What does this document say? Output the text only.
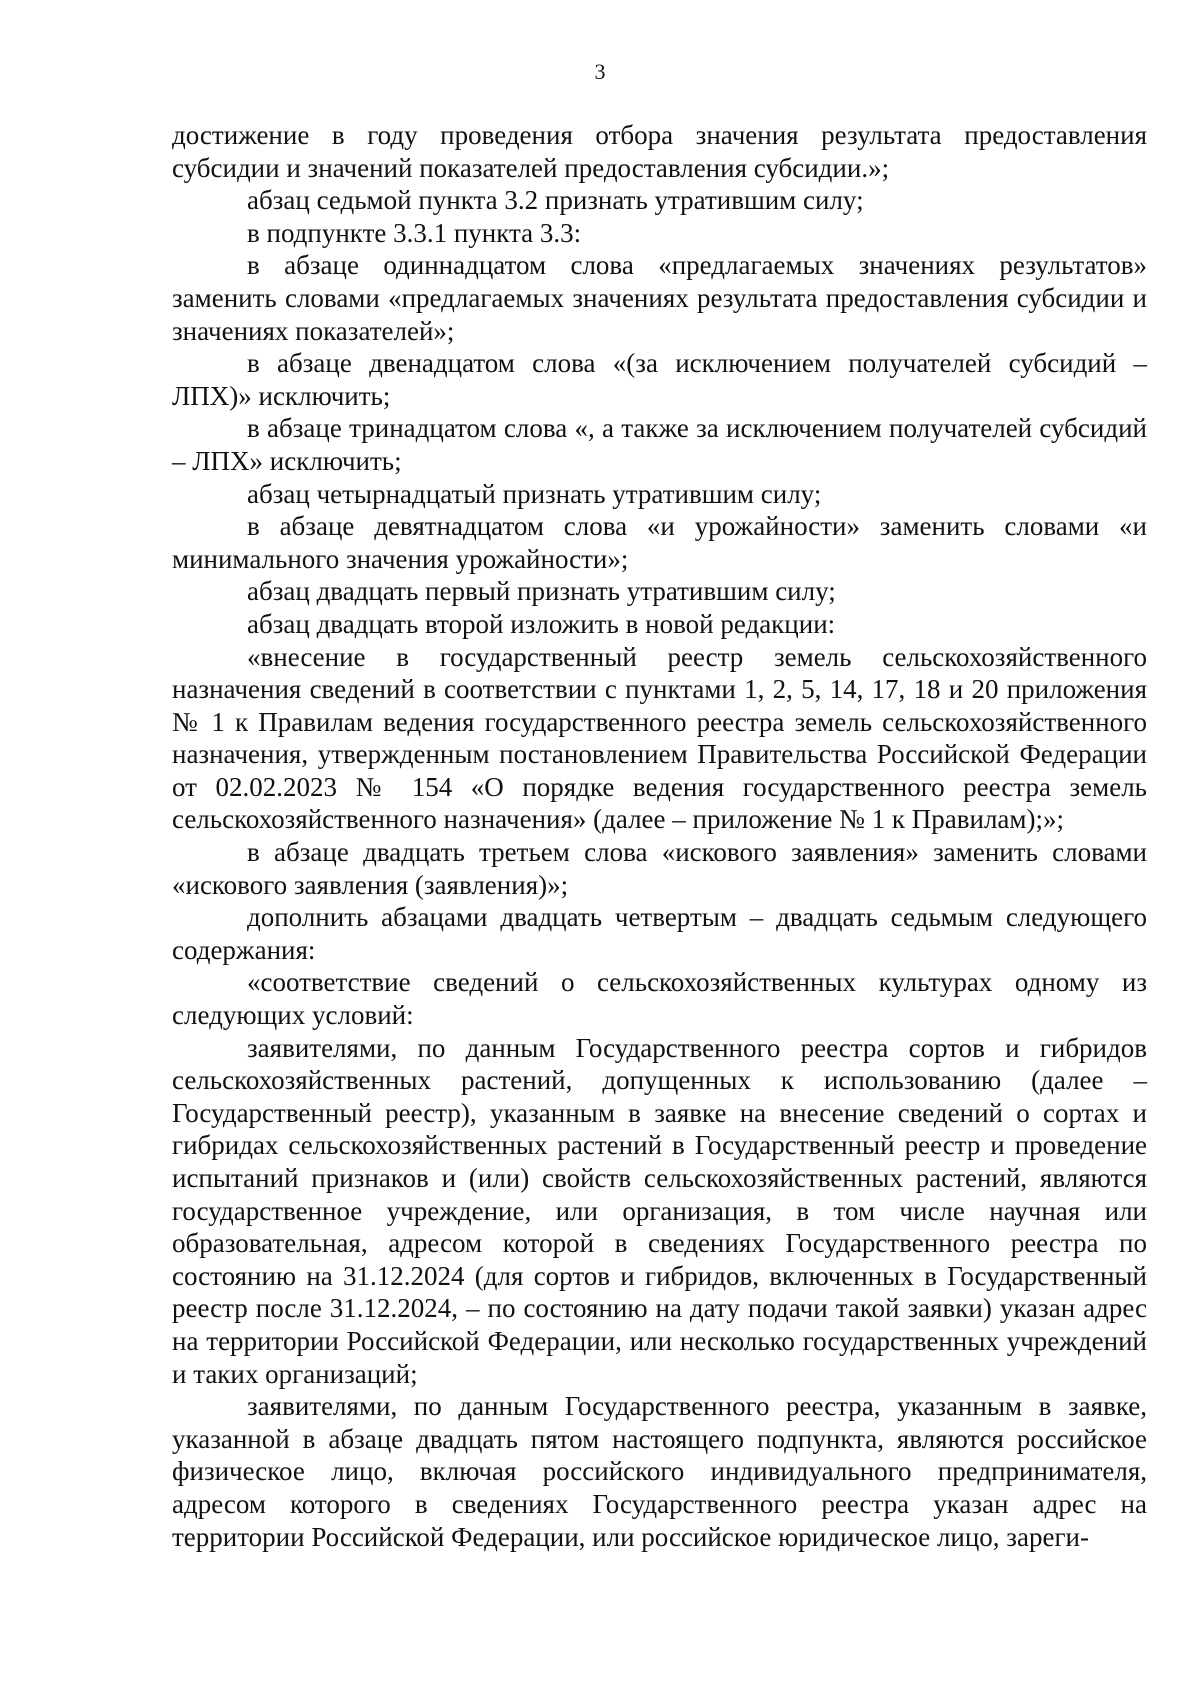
3

достижение в году проведения отбора значения результата предоставления субсидии и значений показателей предоставления субсидии.»;

абзац седьмой пункта 3.2 признать утратившим силу;

в подпункте 3.3.1 пункта 3.3:

в абзаце одиннадцатом слова «предлагаемых значениях результатов» заменить словами «предлагаемых значениях результата предоставления субсидии и значениях показателей»;

в абзаце двенадцатом слова «(за исключением получателей субсидий – ЛПХ)» исключить;

в абзаце тринадцатом слова «, а также за исключением получателей субсидий – ЛПХ» исключить;

абзац четырнадцатый признать утратившим силу;

в абзаце девятнадцатом слова «и урожайности» заменить словами «и минимального значения урожайности»;

абзац двадцать первый признать утратившим силу;

абзац двадцать второй изложить в новой редакции:

«внесение в государственный реестр земель сельскохозяйственного назначения сведений в соответствии с пунктами 1, 2, 5, 14, 17, 18 и 20 приложения № 1 к Правилам ведения государственного реестра земель сельскохозяйственного назначения, утвержденным постановлением Правительства Российской Федерации от 02.02.2023 № 154 «О порядке ведения государственного реестра земель сельскохозяйственного назначения» (далее – приложение № 1 к Правилам);»;

в абзаце двадцать третьем слова «искового заявления» заменить словами «искового заявления (заявления)»;

дополнить абзацами двадцать четвертым – двадцать седьмым следующего содержания:

«соответствие сведений о сельскохозяйственных культурах одному из следующих условий:

заявителями, по данным Государственного реестра сортов и гибридов сельскохозяйственных растений, допущенных к использованию (далее – Государственный реестр), указанным в заявке на внесение сведений о сортах и гибридах сельскохозяйственных растений в Государственный реестр и проведение испытаний признаков и (или) свойств сельскохозяйственных растений, являются государственное учреждение, или организация, в том числе научная или образовательная, адресом которой в сведениях Государственного реестра по состоянию на 31.12.2024 (для сортов и гибридов, включенных в Государственный реестр после 31.12.2024, – по состоянию на дату подачи такой заявки) указан адрес на территории Российской Федерации, или несколько государственных учреждений и таких организаций;

заявителями, по данным Государственного реестра, указанным в заявке, указанной в абзаце двадцать пятом настоящего подпункта, являются российское физическое лицо, включая российского индивидуального предпринимателя, адресом которого в сведениях Государственного реестра указан адрес на территории Российской Федерации, или российское юридическое лицо, зареги-
